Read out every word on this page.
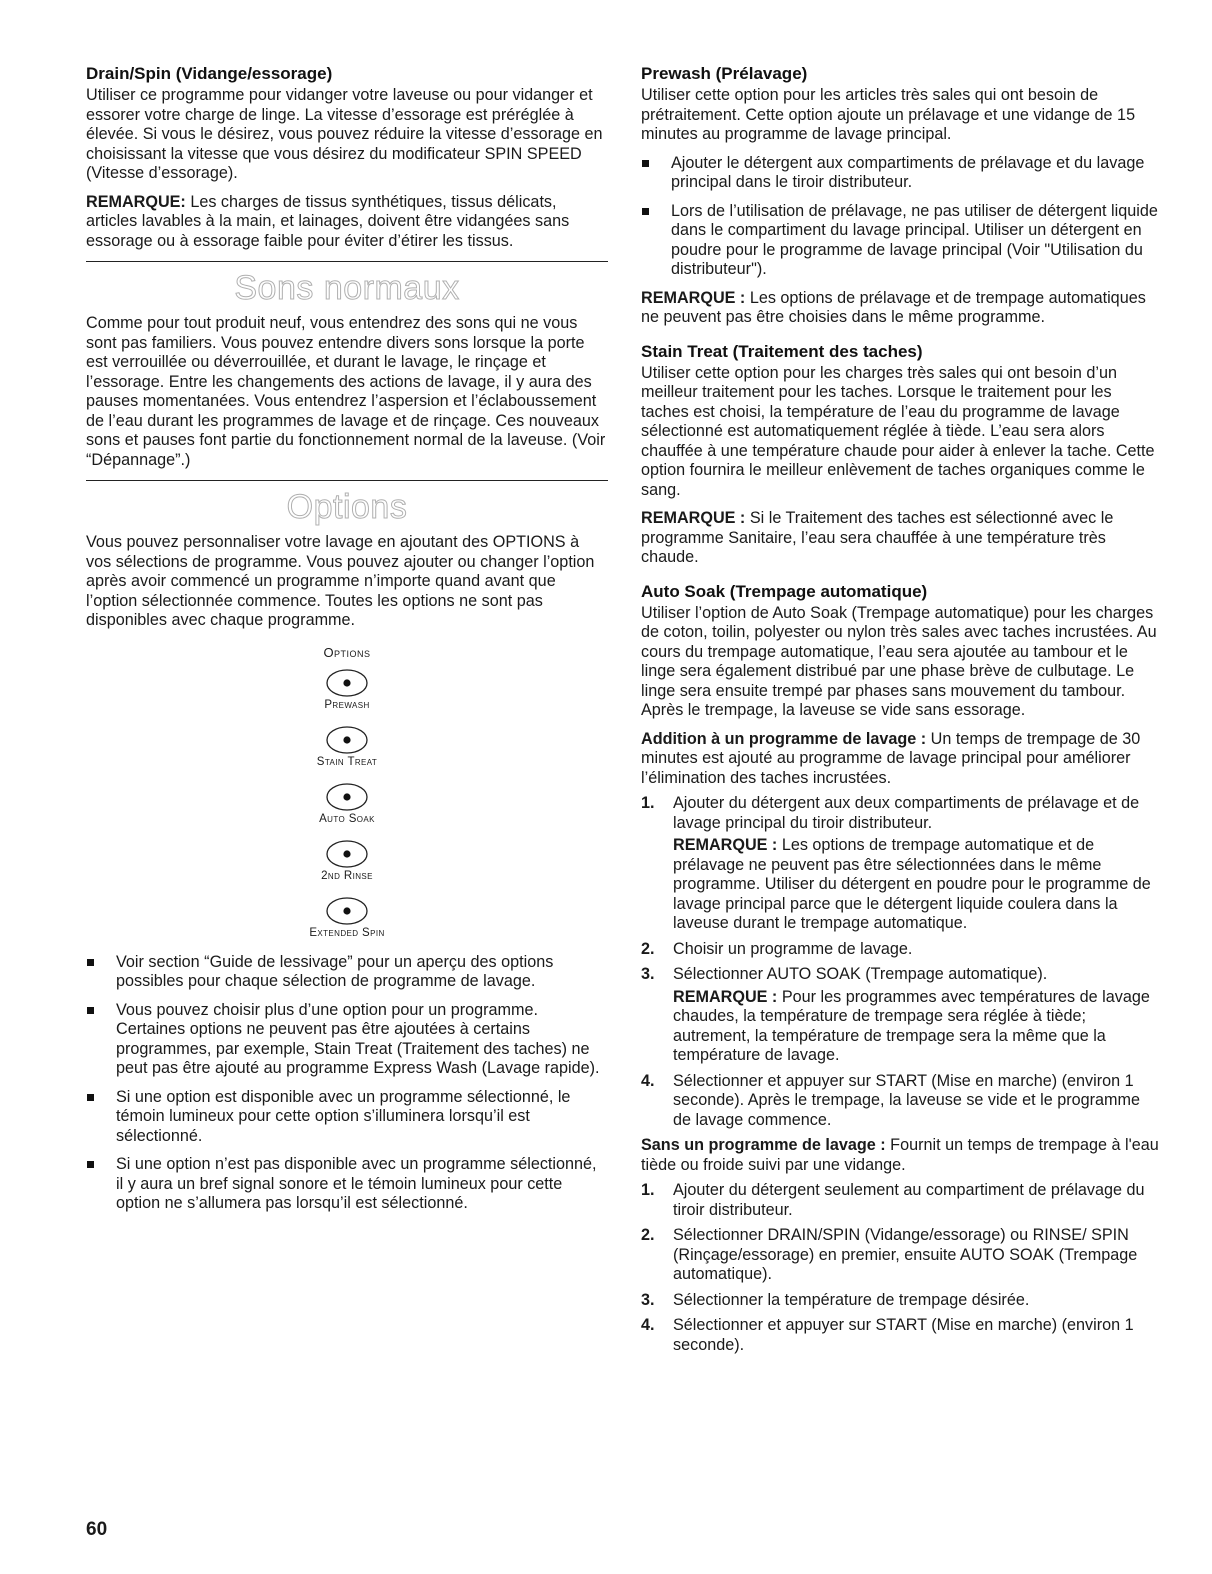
Drain/Spin (Vidange/essorage)

Utiliser ce programme pour vidanger votre laveuse ou pour vidanger et essorer votre charge de linge. La vitesse d’essorage est préréglée à élevée. Si vous le désirez, vous pouvez réduire la vitesse d’essorage en choisissant la vitesse que vous désirez du modificateur SPIN SPEED (Vitesse d’essorage).

REMARQUE: Les charges de tissus synthétiques, tissus délicats, articles lavables à la main, et lainages, doivent être vidangées sans essorage ou à essorage faible pour éviter d’étirer les tissus.

Sons normaux

Comme pour tout produit neuf, vous entendrez des sons qui ne vous sont pas familiers. Vous pouvez entendre divers sons lorsque la porte est verrouillée ou déverrouillée, et durant le lavage, le rinçage et l’essorage. Entre les changements des actions de lavage, il y aura des pauses momentanées. Vous entendrez l’aspersion et l’éclaboussement de l’eau durant les programmes de lavage et de rinçage. Ces nouveaux sons et pauses font partie du fonctionnement normal de la laveuse. (Voir “Dépannage”.)

Options

Vous pouvez personnaliser votre lavage en ajoutant des OPTIONS à vos sélections de programme. Vous pouvez ajouter ou changer l’option après avoir commencé un programme n’importe quand avant que l’option sélectionnée commence. Toutes les options ne sont pas disponibles avec chaque programme.

Options
Prewash
Stain Treat
Auto Soak
2nd Rinse
Extended Spin
Voir section “Guide de lessivage” pour un aperçu des options possibles pour chaque sélection de programme de lavage.
Vous pouvez choisir plus d’une option pour un programme. Certaines options ne peuvent pas être ajoutées à certains programmes, par exemple, Stain Treat (Traitement des taches) ne peut pas être ajouté au programme Express Wash (Lavage rapide).
Si une option est disponible avec un programme sélectionné, le témoin lumineux pour cette option s’illuminera lorsqu’il est sélectionné.
Si une option n’est pas disponible avec un programme sélectionné, il y aura un bref signal sonore et le témoin lumineux pour cette option ne s’allumera pas lorsqu’il est sélectionné.
Prewash (Prélavage)

Utiliser cette option pour les articles très sales qui ont besoin de prétraitement. Cette option ajoute un prélavage et une vidange de 15 minutes au programme de lavage principal.

Ajouter le détergent aux compartiments de prélavage et du lavage principal dans le tiroir distributeur.
Lors de l’utilisation de prélavage, ne pas utiliser de détergent liquide dans le compartiment du lavage principal. Utiliser un détergent en poudre pour le programme de lavage principal (Voir "Utilisation du distributeur").

REMARQUE : Les options de prélavage et de trempage automatiques ne peuvent pas être choisies dans le même programme.

Stain Treat (Traitement des taches)

Utiliser cette option pour les charges très sales qui ont besoin d’un meilleur traitement pour les taches. Lorsque le traitement pour les taches est choisi, la température de l’eau du programme de lavage sélectionné est automatiquement réglée à tiède. L’eau sera alors chauffée à une température chaude pour aider à enlever la tache. Cette option fournira le meilleur enlèvement de taches organiques comme le sang.

REMARQUE : Si le Traitement des taches est sélectionné avec le programme Sanitaire, l’eau sera chauffée à une température très chaude.

Auto Soak (Trempage automatique)

Utiliser l’option de Auto Soak (Trempage automatique) pour les charges de coton, toilin, polyester ou nylon très sales avec taches incrustées. Au cours du trempage automatique, l’eau sera ajoutée au tambour et le linge sera également distribué par une phase brève de culbutage. Le linge sera ensuite trempé par phases sans mouvement du tambour. Après le trempage, la laveuse se vide sans essorage.

Addition à un programme de lavage : Un temps de trempage de 30 minutes est ajouté au programme de lavage principal pour améliorer l’élimination des taches incrustées.

1. Ajouter du détergent aux deux compartiments de prélavage et de lavage principal du tiroir distributeur.
REMARQUE : Les options de trempage automatique et de prélavage ne peuvent pas être sélectionnées dans le même programme. Utiliser du détergent en poudre pour le programme de lavage principal parce que le détergent liquide coulera dans la laveuse durant le trempage automatique.
2. Choisir un programme de lavage.
3. Sélectionner AUTO SOAK (Trempage automatique).
REMARQUE : Pour les programmes avec températures de lavage chaudes, la température de trempage sera réglée à tiède; autrement, la température de trempage sera la même que la température de lavage.
4. Sélectionner et appuyer sur START (Mise en marche) (environ 1 seconde). Après le trempage, la laveuse se vide et le programme de lavage commence.

Sans un programme de lavage : Fournit un temps de trempage à l'eau tiède ou froide suivi par une vidange.

1. Ajouter du détergent seulement au compartiment de prélavage du tiroir distributeur.
2. Sélectionner DRAIN/SPIN (Vidange/essorage) ou RINSE/ SPIN (Rinçage/essorage) en premier, ensuite AUTO SOAK (Trempage automatique).
3. Sélectionner la température de trempage désirée.
4. Sélectionner et appuyer sur START (Mise en marche) (environ 1 seconde).
60
